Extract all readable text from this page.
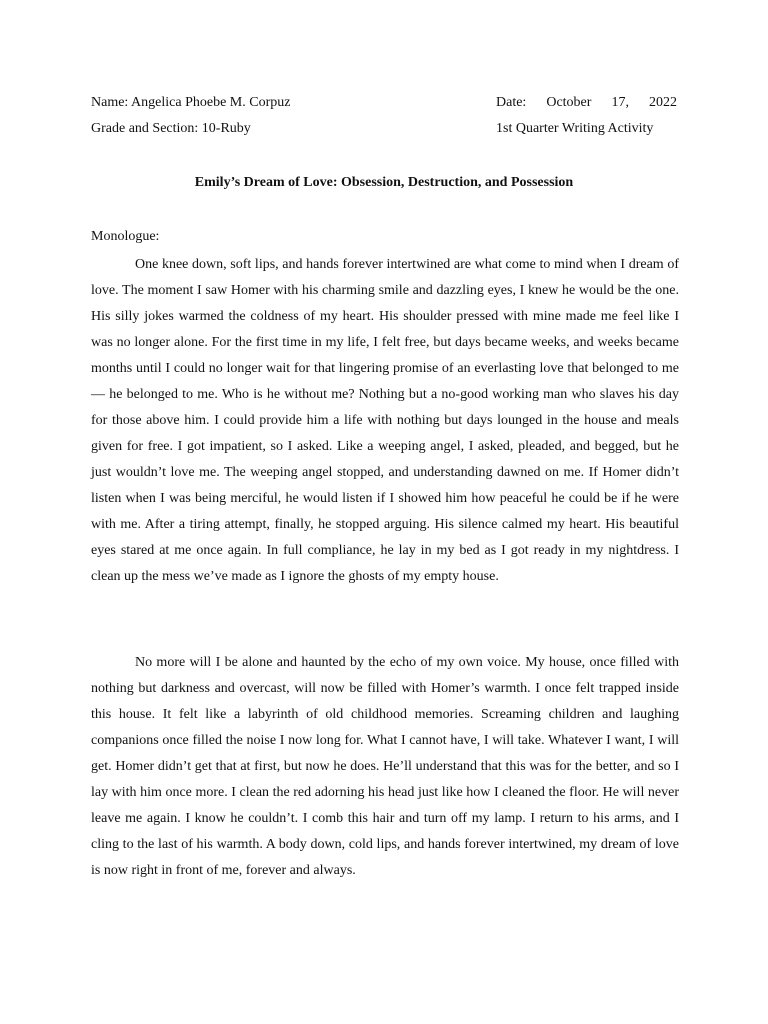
Name: Angelica Phoebe M. Corpuz	Date: October 17, 2022
Grade and Section: 10-Ruby	1st Quarter Writing Activity
Emily’s Dream of Love: Obsession, Destruction, and Possession
Monologue:

One knee down, soft lips, and hands forever intertwined are what come to mind when I dream of love. The moment I saw Homer with his charming smile and dazzling eyes, I knew he would be the one. His silly jokes warmed the coldness of my heart. His shoulder pressed with mine made me feel like I was no longer alone. For the first time in my life, I felt free, but days became weeks, and weeks became months until I could no longer wait for that lingering promise of an everlasting love that belonged to me — he belonged to me. Who is he without me? Nothing but a no-good working man who slaves his day for those above him. I could provide him a life with nothing but days lounged in the house and meals given for free. I got impatient, so I asked. Like a weeping angel, I asked, pleaded, and begged, but he just wouldn’t love me. The weeping angel stopped, and understanding dawned on me. If Homer didn’t listen when I was being merciful, he would listen if I showed him how peaceful he could be if he were with me. After a tiring attempt, finally, he stopped arguing. His silence calmed my heart. His beautiful eyes stared at me once again. In full compliance, he lay in my bed as I got ready in my nightdress. I clean up the mess we’ve made as I ignore the ghosts of my empty house.

No more will I be alone and haunted by the echo of my own voice. My house, once filled with nothing but darkness and overcast, will now be filled with Homer’s warmth. I once felt trapped inside this house. It felt like a labyrinth of old childhood memories. Screaming children and laughing companions once filled the noise I now long for. What I cannot have, I will take. Whatever I want, I will get. Homer didn’t get that at first, but now he does. He’ll understand that this was for the better, and so I lay with him once more. I clean the red adorning his head just like how I cleaned the floor. He will never leave me again. I know he couldn’t. I comb this hair and turn off my lamp. I return to his arms, and I cling to the last of his warmth. A body down, cold lips, and hands forever intertwined, my dream of love is now right in front of me, forever and always.
